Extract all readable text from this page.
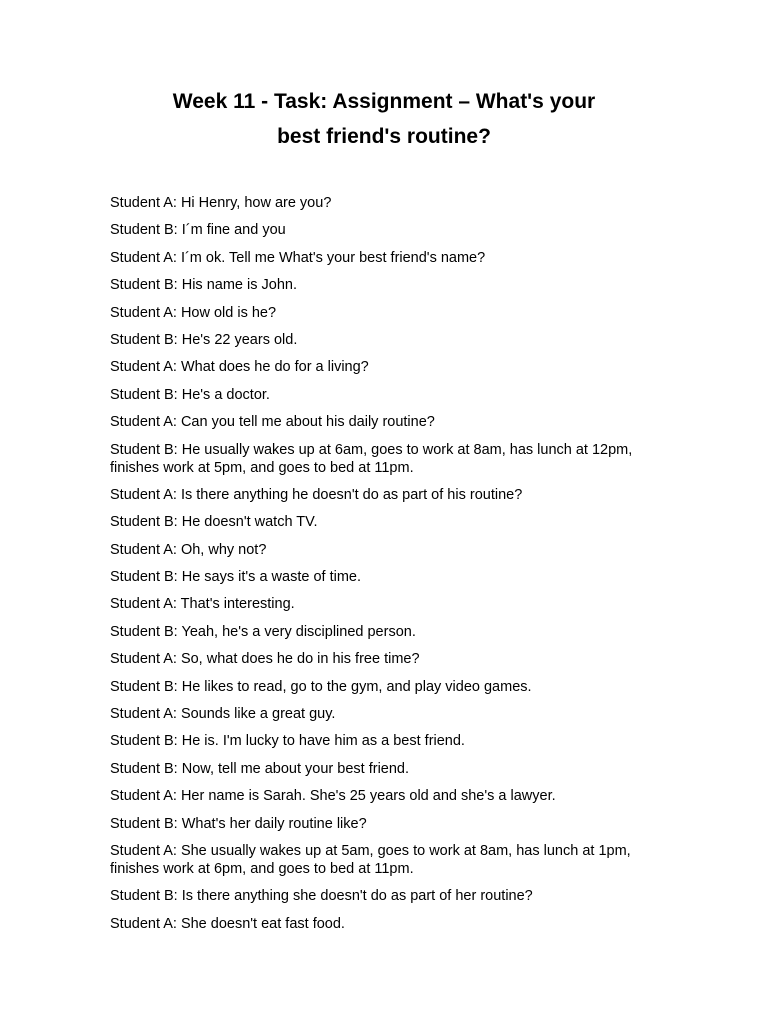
Week 11 - Task: Assignment – What's your
best friend's routine?
Student A: Hi Henry, how are you?
Student B: I´m fine and you
Student A: I´m ok. Tell me What's your best friend's name?
Student B: His name is John.
Student A: How old is he?
Student B: He's 22 years old.
Student A: What does he do for a living?
Student B: He's a doctor.
Student A: Can you tell me about his daily routine?
Student B: He usually wakes up at 6am, goes to work at 8am, has lunch at 12pm, finishes work at 5pm, and goes to bed at 11pm.
Student A: Is there anything he doesn't do as part of his routine?
Student B: He doesn't watch TV.
Student A: Oh, why not?
Student B: He says it's a waste of time.
Student A: That's interesting.
Student B: Yeah, he's a very disciplined person.
Student A: So, what does he do in his free time?
Student B: He likes to read, go to the gym, and play video games.
Student A: Sounds like a great guy.
Student B: He is. I'm lucky to have him as a best friend.
Student B: Now, tell me about your best friend.
Student A: Her name is Sarah. She's 25 years old and she's a lawyer.
Student B: What's her daily routine like?
Student A: She usually wakes up at 5am, goes to work at 8am, has lunch at 1pm, finishes work at 6pm, and goes to bed at 11pm.
Student B: Is there anything she doesn't do as part of her routine?
Student A: She doesn't eat fast food.
